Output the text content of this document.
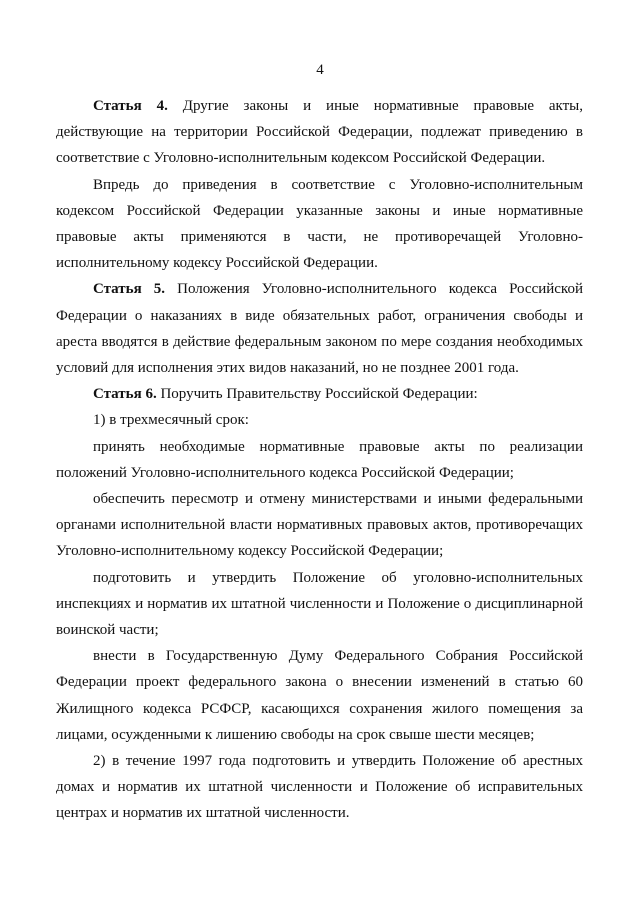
4

Статья 4. Другие законы и иные нормативные правовые акты, действующие на территории Российской Федерации, подлежат приведению в соответствие с Уголовно-исполнительным кодексом Российской Федерации.

Впредь до приведения в соответствие с Уголовно-исполнительным кодексом Российской Федерации указанные законы и иные нормативные правовые акты применяются в части, не противоречащей Уголовно-исполнительному кодексу Российской Федерации.

Статья 5. Положения Уголовно-исполнительного кодекса Российской Федерации о наказаниях в виде обязательных работ, ограничения свободы и ареста вводятся в действие федеральным законом по мере создания необходимых условий для исполнения этих видов наказаний, но не позднее 2001 года.

Статья 6. Поручить Правительству Российской Федерации:

1) в трехмесячный срок:

принять необходимые нормативные правовые акты по реализации положений Уголовно-исполнительного кодекса Российской Федерации;

обеспечить пересмотр и отмену министерствами и иными федеральными органами исполнительной власти нормативных правовых актов, противоречащих Уголовно-исполнительному кодексу Российской Федерации;

подготовить и утвердить Положение об уголовно-исполнительных инспекциях и норматив их штатной численности и Положение о дисциплинарной воинской части;

внести в Государственную Думу Федерального Собрания Российской Федерации проект федерального закона о внесении изменений в статью 60 Жилищного кодекса РСФСР, касающихся сохранения жилого помещения за лицами, осужденными к лишению свободы на срок свыше шести месяцев;

2) в течение 1997 года подготовить и утвердить Положение об арестных домах и норматив их штатной численности и Положение об исправительных центрах и норматив их штатной численности.
